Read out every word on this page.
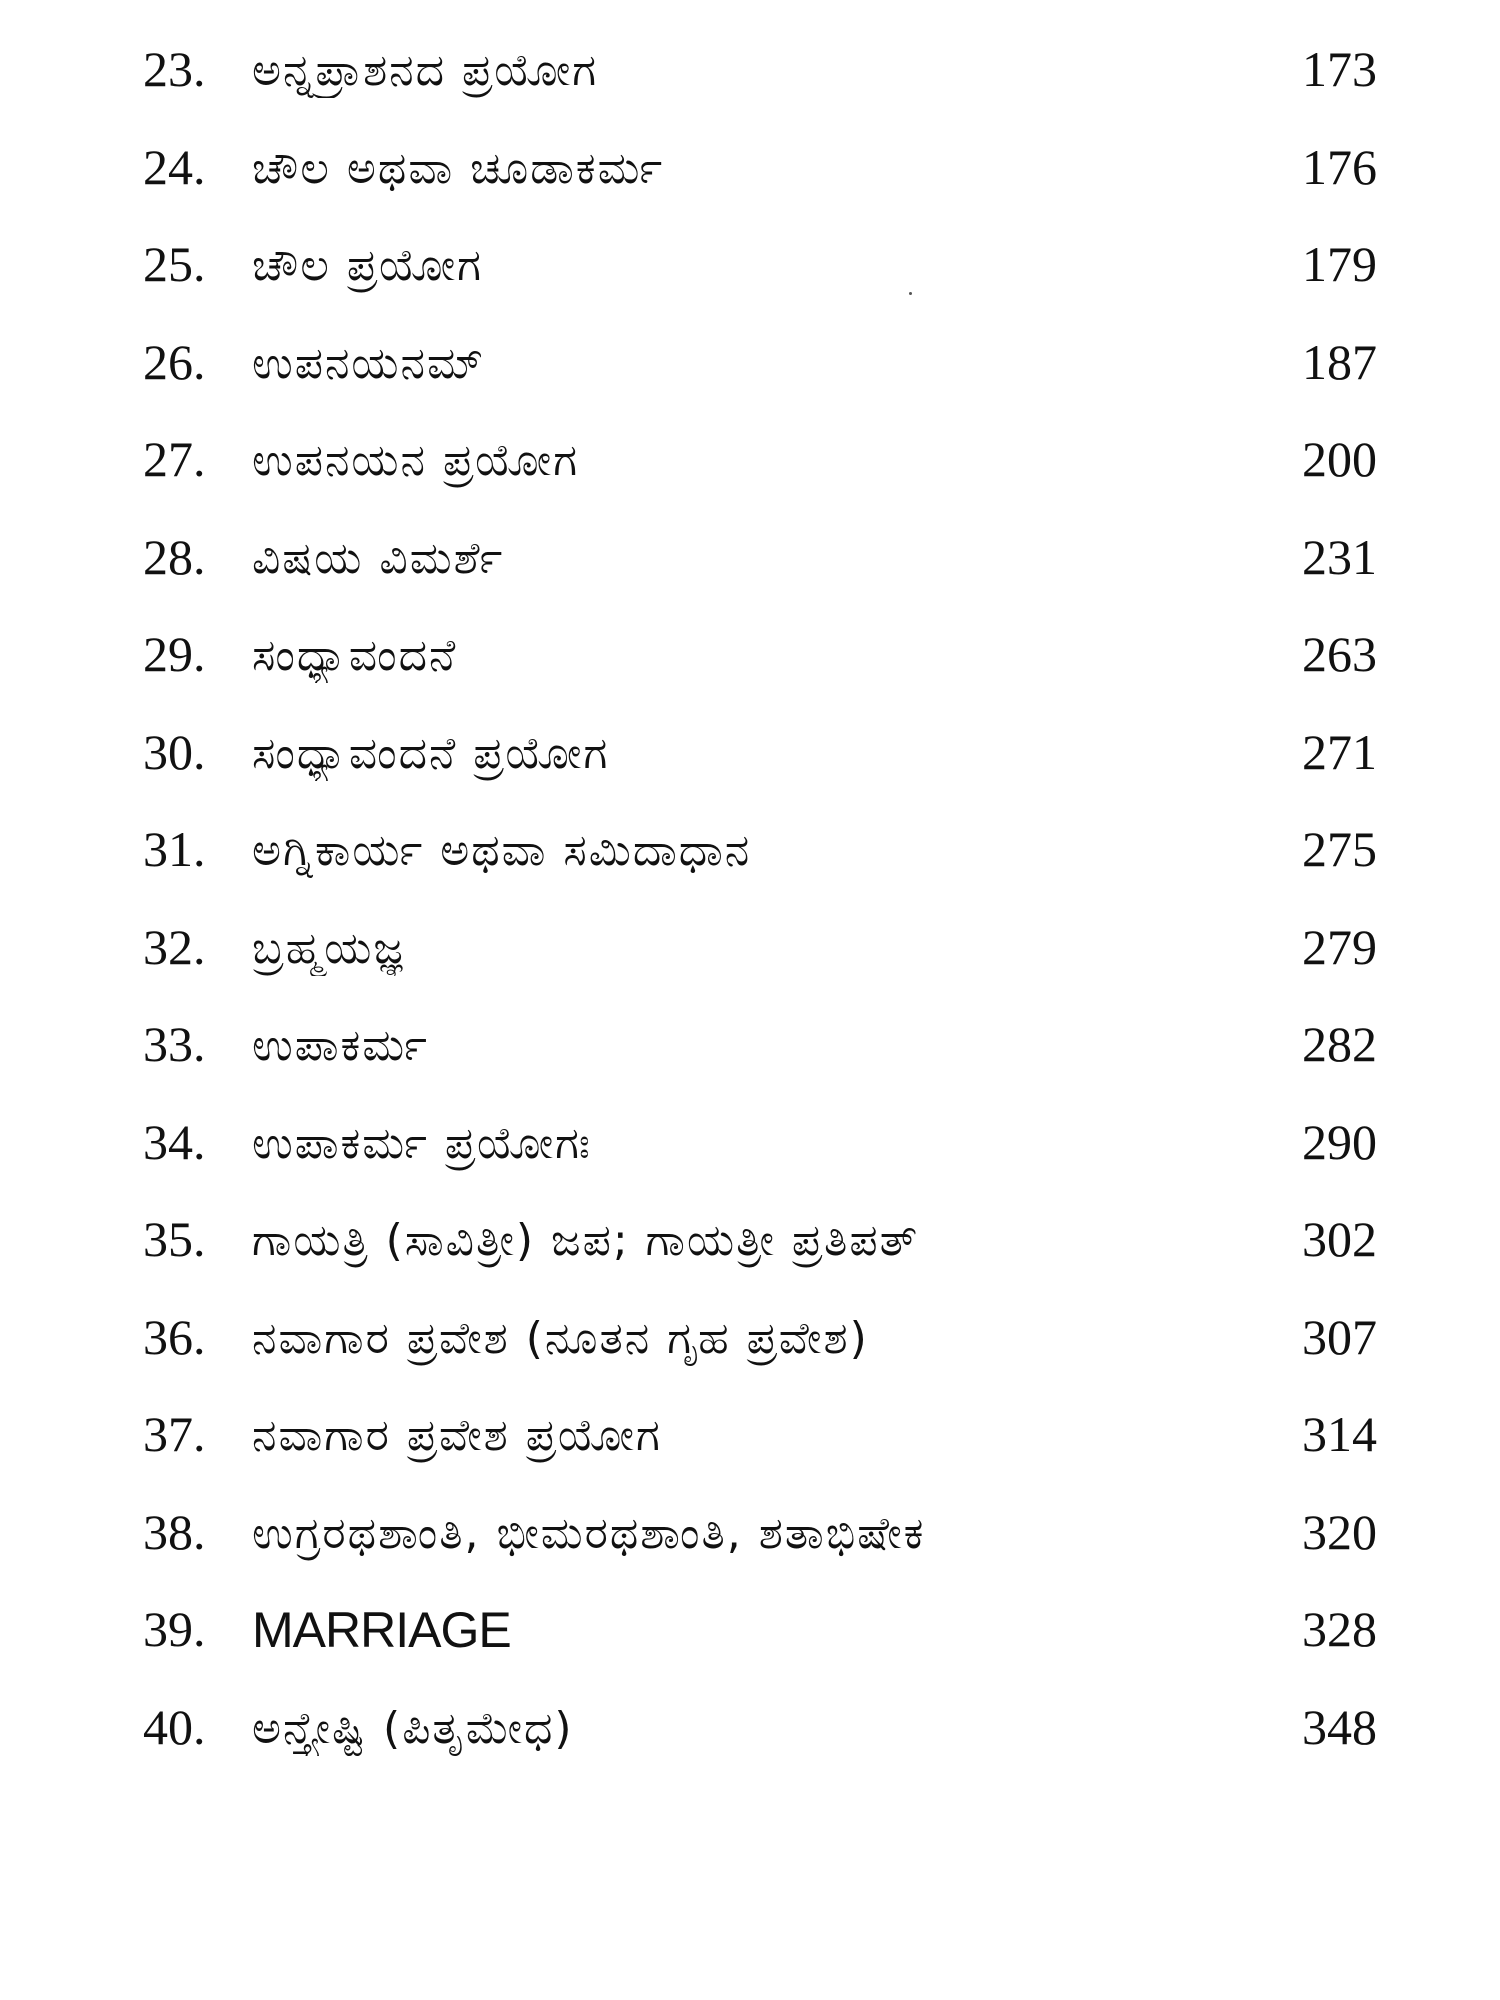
23. ಅನ್ನಪ್ರಾಶನದ ಪ್ರಯೋಗ	173
24. ಚೌಲ ಅಥವಾ ಚೂಡಾಕರ್ಮ	176
25. ಚೌಲ ಪ್ರಯೋಗ	179
26. ಉಪನಯನಮ್	187
27. ಉಪನಯನ ಪ್ರಯೋಗ	200
28. ವಿಷಯ ವಿಮರ್ಶೆ	231
29. ಸಂಧ್ಯಾವಂದನೆ	263
30. ಸಂಧ್ಯಾವಂದನೆ ಪ್ರಯೋಗ	271
31. ಅಗ್ನಿಕಾರ್ಯ ಅಥವಾ ಸಮಿದಾಧಾನ	275
32. ಬ್ರಹ್ಮಯಜ್ಞ	279
33. ಉಪಾಕರ್ಮ	282
34. ಉಪಾಕರ್ಮ ಪ್ರಯೋಗಃ	290
35. ಗಾಯತ್ರಿ (ಸಾವಿತ್ರೀ) ಜಪ; ಗಾಯತ್ರೀ ಪ್ರತಿಪತ್	302
36. ನವಾಗಾರ ಪ್ರವೇಶ (ನೂತನ ಗೃಹ ಪ್ರವೇಶ)	307
37. ನವಾಗಾರ ಪ್ರವೇಶ ಪ್ರಯೋಗ	314
38. ಉಗ್ರರಥಶಾಂತಿ, ಭೀಮರಥಶಾಂತಿ, ಶತಾಭಿಷೇಕ	320
39. MARRIAGE	328
40. ಅನ್ತ್ಯೇಷ್ಟಿ (ಪಿತೃಮೇಧ)	348
